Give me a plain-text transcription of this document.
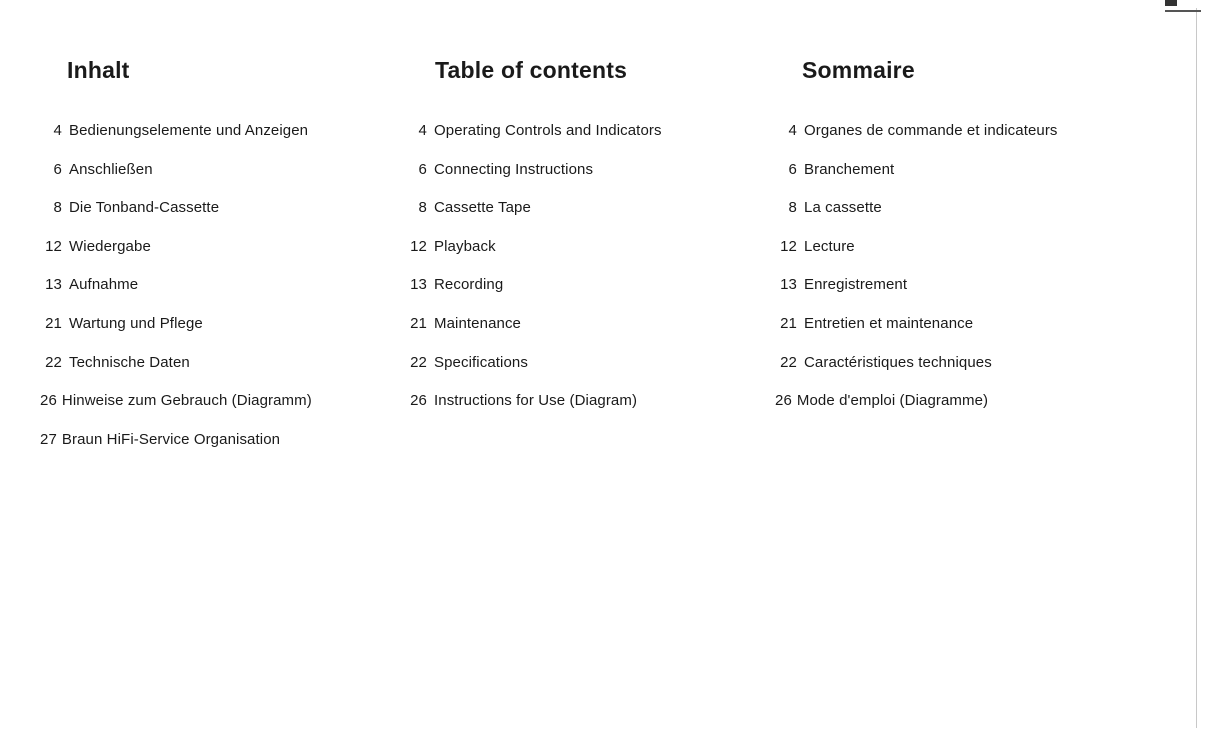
Inhalt
4 Bedienungselemente und Anzeigen
6 Anschließen
8 Die Tonband-Cassette
12 Wiedergabe
13 Aufnahme
21 Wartung und Pflege
22 Technische Daten
26 Hinweise zum Gebrauch (Diagramm)
27 Braun HiFi-Service Organisation
Table of contents
4 Operating Controls and Indicators
6 Connecting Instructions
8 Cassette Tape
12 Playback
13 Recording
21 Maintenance
22 Specifications
26 Instructions for Use (Diagram)
Sommaire
4 Organes de commande et indicateurs
6 Branchement
8 La cassette
12 Lecture
13 Enregistrement
21 Entretien et maintenance
22 Caractéristiques techniques
26 Mode d'emploi (Diagramme)
